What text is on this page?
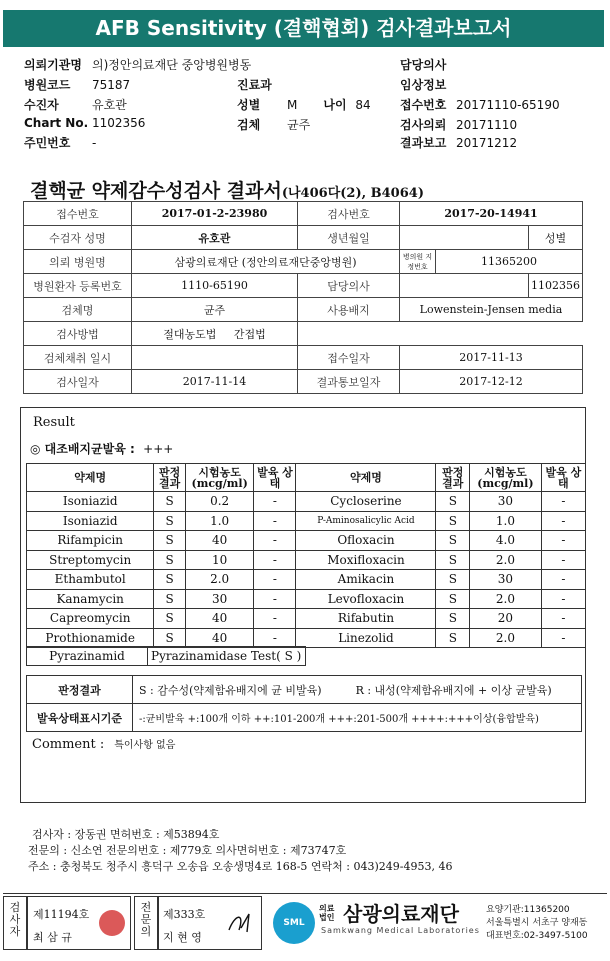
AFB Sensitivity (결핵협회) 검사결과보고서
의뢰기관명 의)정안의료재단 중앙병원병동
병원코드 75187
수진자	유호관
Chart No. 1102356
주민번호 -
진료과
성별 M 나이 84
검체 균주
담당의사
임상정보
접수번호 20171110-65190
검사의뢰 20171110
결과보고 20171212
결핵균 약제감수성검사 결과서(나406다(2), B4064)
접수번호	2017-01-2-23980	검사번호	2017-20-14941		
수검자 성명	유호관	생년월일			성별
의뢰 병원명	삼광의료재단 (정안의료재단중앙병원)		병의원 지정번호	11365200	
병원환자 등록번호	1110-65190	담당의사			1102356
검체명	균주	사용배지	Lowenstein-Jensen media		
검사방법	절대농도법 간접법				
검체채취 일시		접수일자	2017-11-13		
검사일자	2017-11-14	결과통보일자	2017-12-12		
Result
◎ 대조배지균발육 : +++
약제명	판정 결과	시험농도 (mcg/ml)	발육 상태	약제명	판정 결과	시험농도 (mcg/ml)	발육 상태
Isoniazid	S	0.2	-	Cycloserine	S	30	-
Isoniazid	S	1.0	-	P-Aminosalicylic Acid	S	1.0	-
Rifampicin	S	40	-	Ofloxacin	S	4.0	-
Streptomycin	S	10	-	Moxifloxacin	S	2.0	-
Ethambutol	S	2.0	-	Amikacin	S	30	-
Kanamycin	S	30	-	Levofloxacin	S	2.0	-
Capreomycin	S	40	-	Rifabutin	S	20	-
Prothionamide	S	40	-	Linezolid	S	2.0	-
Pyrazinamid	Pyrazinamidase Test( S )
판정결과	S : 감수성(약제함유배지에 균 비발육) R : 내성(약제함유배지에 + 이상 균발육)
발육상태표시기준	-:균비발육 +:100개 이하 ++:101-200개 +++:201-500개 ++++:+++이상(융합발육)
Comment : 특이사항 없음
검사자 : 장동권 면허번호 : 제53894호
전문의 : 신소연 전문의번호 : 제779호 의사면허번호 : 제73747호
주소 : 충청북도 청주시 흥덕구 오송읍 오송생명4로 168-5 연락처 : 043)249-4953, 46
검사자
제11194호
최 삼 규
전문의
제333호
지 현 영
SML
의료법인 삼광의료재단
Samkwang Medical Laboratories
요양기관:11365200
서울특별시 서초구 양재동
대표번호:02-3497-5100
